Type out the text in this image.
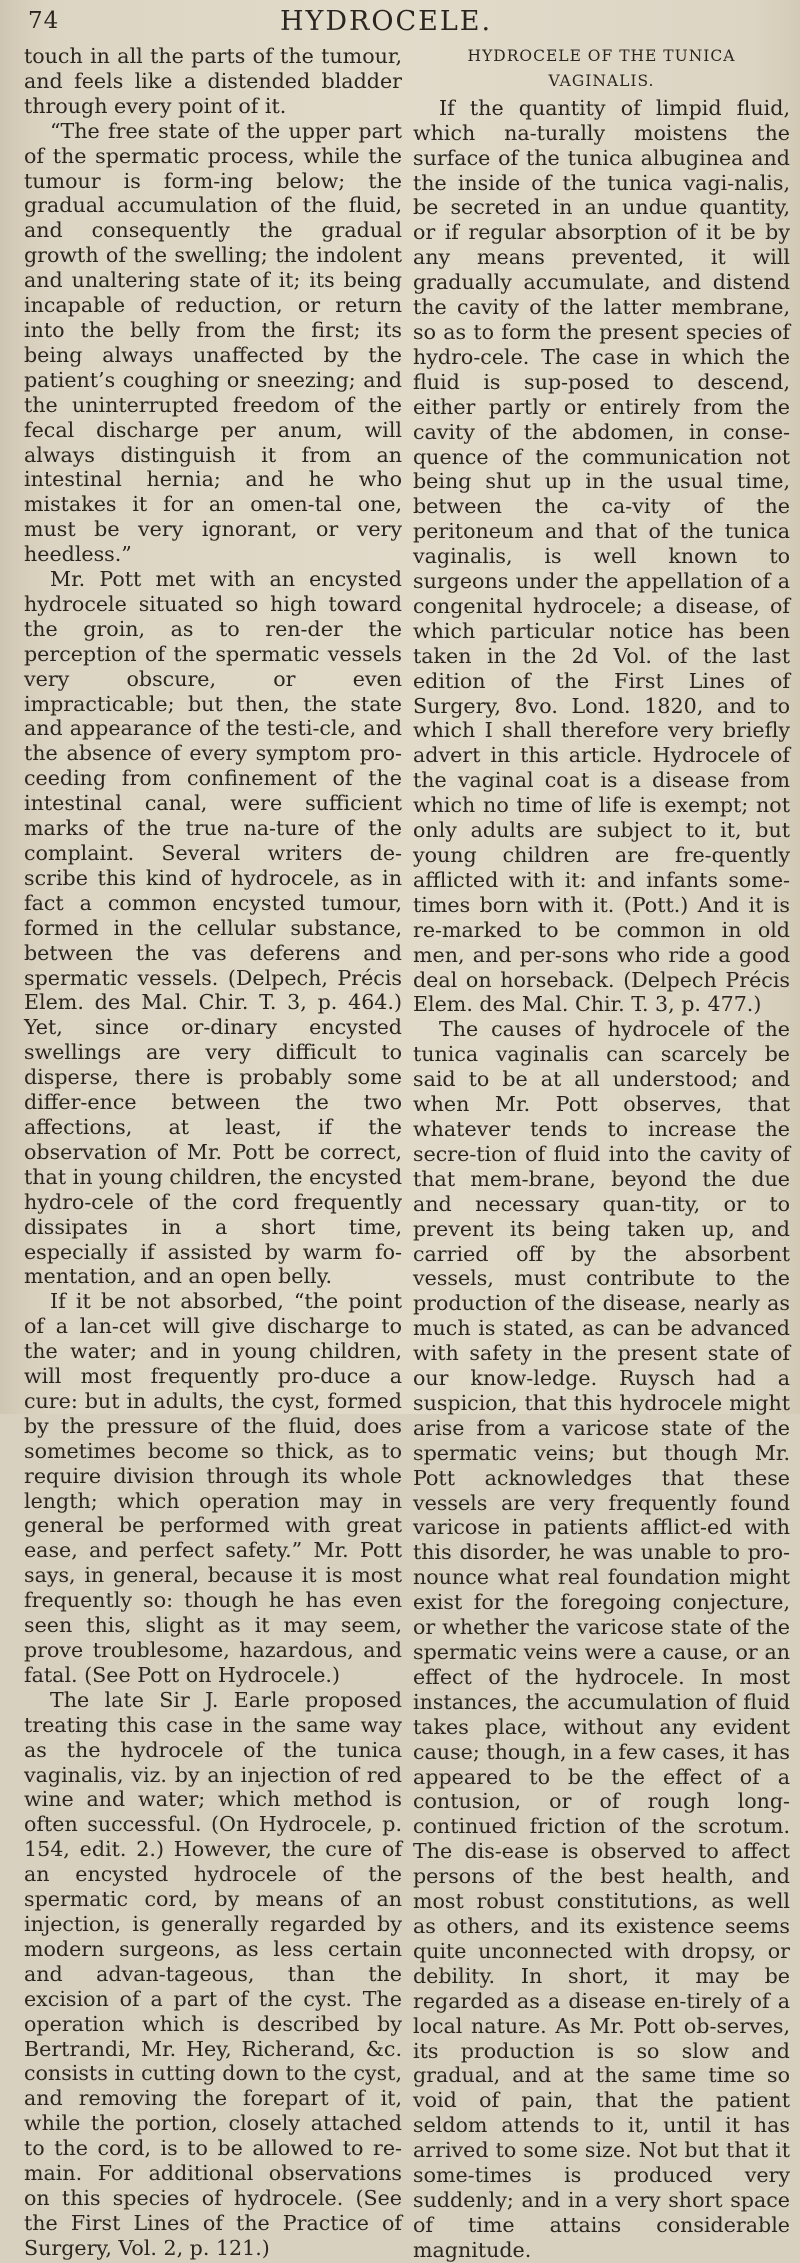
74	HYDROCELE.

touch in all the parts of the tumour, and feels like a distended bladder through every point of it.

“The free state of the upper part of the spermatic process, while the tumour is form-ing below; the gradual accumulation of the fluid, and consequently the gradual growth of the swelling; the indolent and unaltering state of it; its being incapable of reduction, or return into the belly from the first; its being always unaffected by the patient’s coughing or sneezing; and the uninterrupted freedom of the fecal discharge per anum, will always distinguish it from an intestinal hernia; and he who mistakes it for an omen-tal one, must be very ignorant, or very heedless.”

Mr. Pott met with an encysted hydrocele situated so high toward the groin, as to ren-der the perception of the spermatic vessels very obscure, or even impracticable; but then, the state and appearance of the testi-cle, and the absence of every symptom pro-ceeding from confinement of the intestinal canal, were sufficient marks of the true na-ture of the complaint. Several writers de-scribe this kind of hydrocele, as in fact a common encysted tumour, formed in the cellular substance, between the vas deferens and spermatic vessels. (Delpech, Précis Elem. des Mal. Chir. T. 3, p. 464.) Yet, since or-dinary encysted swellings are very difficult to disperse, there is probably some differ-ence between the two affections, at least, if the observation of Mr. Pott be correct, that in young children, the encysted hydro-cele of the cord frequently dissipates in a short time, especially if assisted by warm fo-mentation, and an open belly.

If it be not absorbed, “the point of a lan-cet will give discharge to the water; and in young children, will most frequently pro-duce a cure: but in adults, the cyst, formed by the pressure of the fluid, does sometimes become so thick, as to require division through its whole length; which operation may in general be performed with great ease, and perfect safety.” Mr. Pott says, in general, because it is most frequently so: though he has even seen this, slight as it may seem, prove troublesome, hazardous, and fatal. (See Pott on Hydrocele.)

The late Sir J. Earle proposed treating this case in the same way as the hydrocele of the tunica vaginalis, viz. by an injection of red wine and water; which method is often successful. (On Hydrocele, p. 154, edit. 2.) However, the cure of an encysted hydrocele of the spermatic cord, by means of an injection, is generally regarded by modern surgeons, as less certain and advan-tageous, than the excision of a part of the cyst. The operation which is described by Bertrandi, Mr. Hey, Richerand, &c. consists in cutting down to the cyst, and removing the forepart of it, while the portion, closely attached to the cord, is to be allowed to re-main. For additional observations on this species of hydrocele. (See the First Lines of the Practice of Surgery, Vol. 2, p. 121.)

HYDROCELE OF THE TUNICA VAGINALIS.

If the quantity of limpid fluid, which na-turally moistens the surface of the tunica albuginea and the inside of the tunica vagi-nalis, be secreted in an undue quantity, or if regular absorption of it be by any means prevented, it will gradually accumulate, and distend the cavity of the latter membrane, so as to form the present species of hydro-cele. The case in which the fluid is sup-posed to descend, either partly or entirely from the cavity of the abdomen, in conse-quence of the communication not being shut up in the usual time, between the ca-vity of the peritoneum and that of the tunica vaginalis, is well known to surgeons under the appellation of a congenital hydrocele; a disease, of which particular notice has been taken in the 2d Vol. of the last edition of the First Lines of Surgery, 8vo. Lond. 1820, and to which I shall therefore very briefly advert in this article. Hydrocele of the vaginal coat is a disease from which no time of life is exempt; not only adults are subject to it, but young children are fre-quently afflicted with it: and infants some-times born with it. (Pott.) And it is re-marked to be common in old men, and per-sons who ride a good deal on horseback. (Delpech Précis Elem. des Mal. Chir. T. 3, p. 477.)

The causes of hydrocele of the tunica vaginalis can scarcely be said to be at all understood; and when Mr. Pott observes, that whatever tends to increase the secre-tion of fluid into the cavity of that mem-brane, beyond the due and necessary quan-tity, or to prevent its being taken up, and carried off by the absorbent vessels, must contribute to the production of the disease, nearly as much is stated, as can be advanced with safety in the present state of our know-ledge. Ruysch had a suspicion, that this hydrocele might arise from a varicose state of the spermatic veins; but though Mr. Pott acknowledges that these vessels are very frequently found varicose in patients afflict-ed with this disorder, he was unable to pro-nounce what real foundation might exist for the foregoing conjecture, or whether the varicose state of the spermatic veins were a cause, or an effect of the hydrocele. In most instances, the accumulation of fluid takes place, without any evident cause; though, in a few cases, it has appeared to be the effect of a contusion, or of rough long-continued friction of the scrotum. The dis-ease is observed to affect persons of the best health, and most robust constitutions, as well as others, and its existence seems quite unconnected with dropsy, or debility. In short, it may be regarded as a disease en-tirely of a local nature. As Mr. Pott ob-serves, its production is so slow and gradual, and at the same time so void of pain, that the patient seldom attends to it, until it has arrived to some size. Not but that it some-times is produced very suddenly; and in a very short space of time attains considerable magnitude.
